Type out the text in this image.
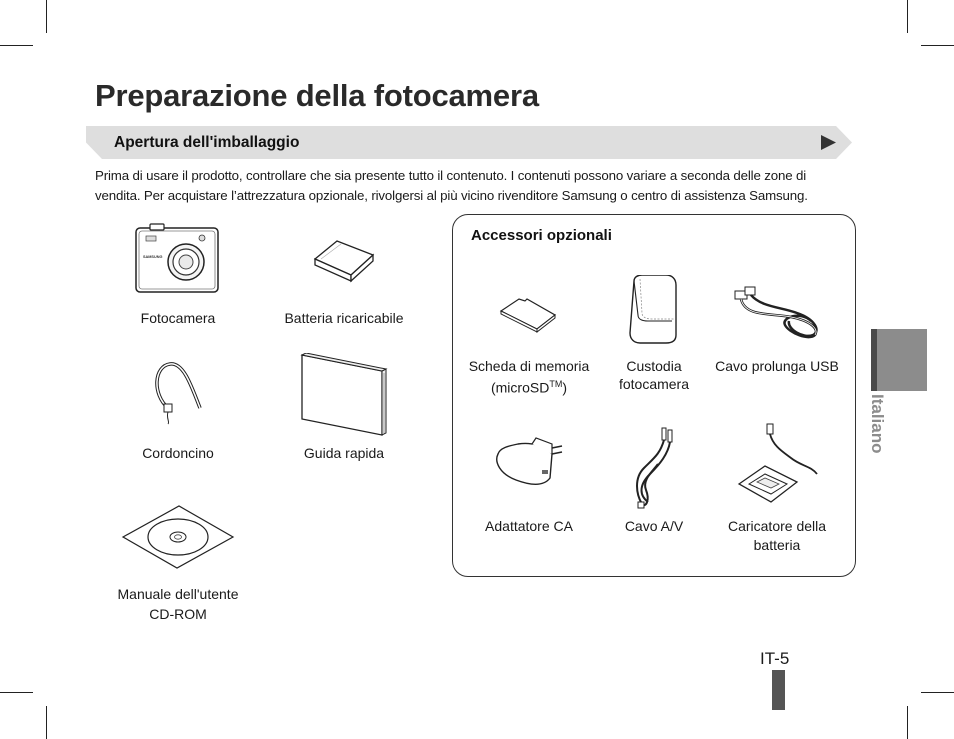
Preparazione della fotocamera
Apertura dell'imballaggio

Prima di usare il prodotto, controllare che sia presente tutto il contenuto. I contenuti possono variare a seconda delle zone di vendita. Per acquistare l’attrezzatura opzionale, rivolgersi al più vicino rivenditore Samsung o centro di assistenza Samsung.

SAMSUNG
Fotocamera	Batteria ricaricabile
Cordoncino	Guida rapida
Manuale dell'utente
CD-ROM
Accessori opzionali
Scheda di memoria
(microSD™)
Custodia
fotocamera
Cavo prolunga USB
Adattatore CA	Cavo A/V	Caricatore della
batteria
Italiano
IT-5
